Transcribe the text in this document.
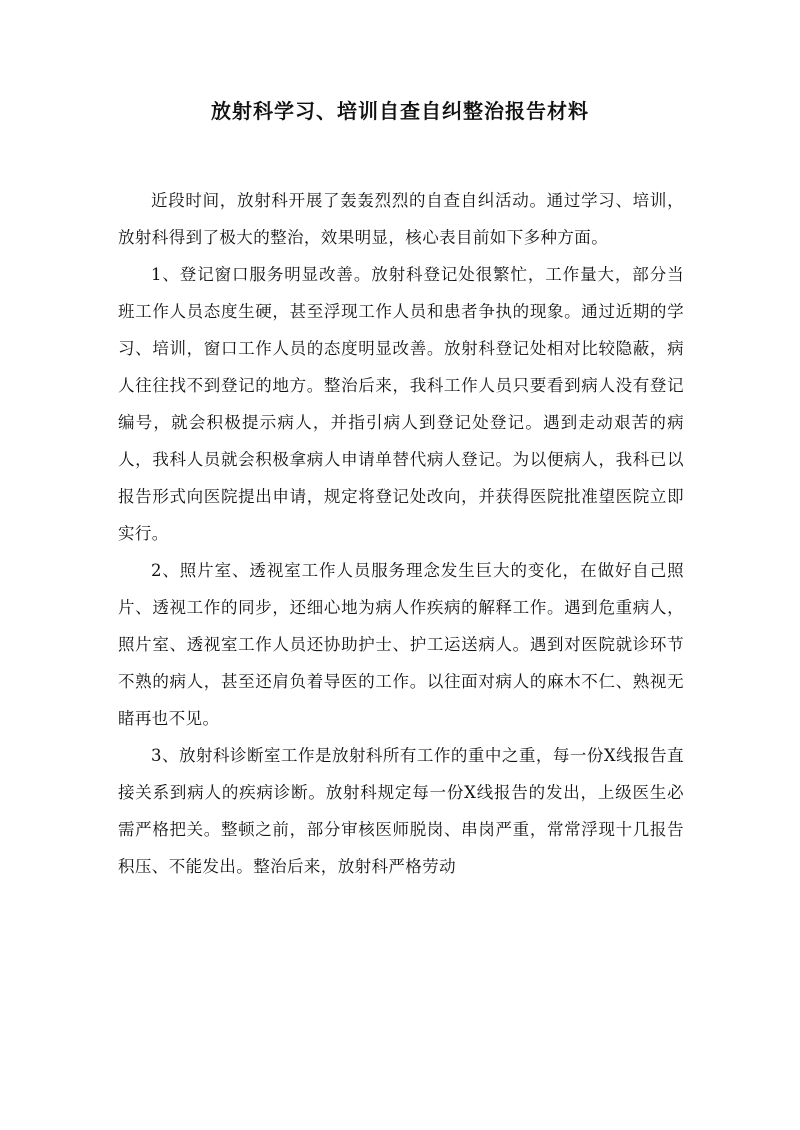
放射科学习、培训自查自纠整治报告材料

近段时间，放射科开展了轰轰烈烈的自查自纠活动。通过学习、培训，放射科得到了极大的整治，效果明显，核心表目前如下多种方面。

1、登记窗口服务明显改善。放射科登记处很繁忙，工作量大，部分当班工作人员态度生硬，甚至浮现工作人员和患者争执的现象。通过近期的学习、培训，窗口工作人员的态度明显改善。放射科登记处相对比较隐蔽，病人往往找不到登记的地方。整治后来，我科工作人员只要看到病人没有登记编号，就会积极提示病人，并指引病人到登记处登记。遇到走动艰苦的病人，我科人员就会积极拿病人申请单替代病人登记。为以便病人，我科已以报告形式向医院提出申请，规定将登记处改向，并获得医院批准望医院立即实行。

2、照片室、透视室工作人员服务理念发生巨大的变化，在做好自己照片、透视工作的同步，还细心地为病人作疾病的解释工作。遇到危重病人，照片室、透视室工作人员还协助护士、护工运送病人。遇到对医院就诊环节不熟的病人，甚至还肩负着导医的工作。以往面对病人的麻木不仁、熟视无睹再也不见。

3、放射科诊断室工作是放射科所有工作的重中之重，每一份X线报告直接关系到病人的疾病诊断。放射科规定每一份X线报告的发出，上级医生必需严格把关。整顿之前，部分审核医师脱岗、串岗严重，常常浮现十几报告积压、不能发出。整治后来，放射科严格劳动
